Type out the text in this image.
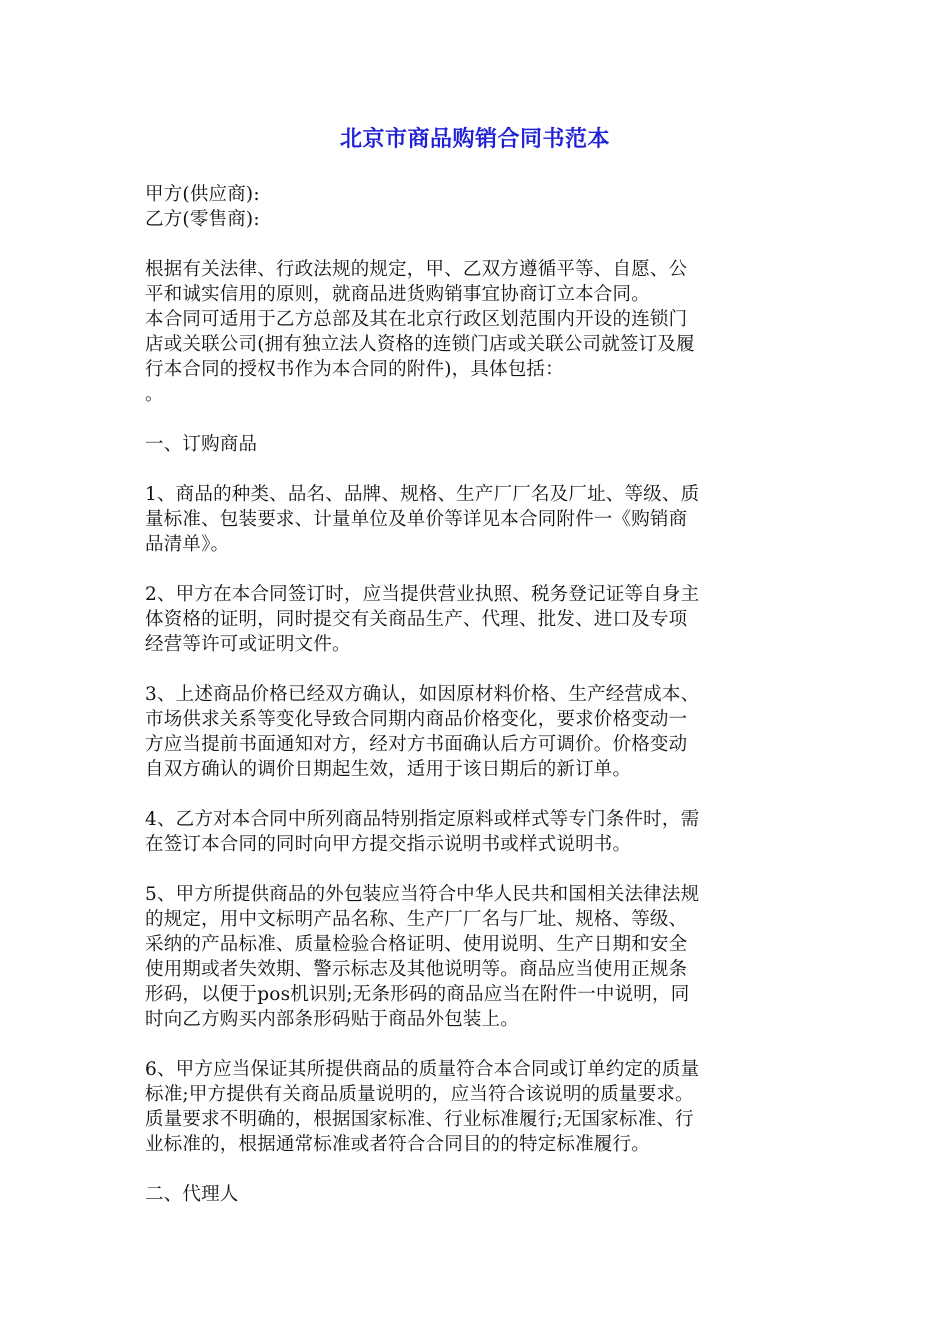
北京市商品购销合同书范本
甲方(供应商):
乙方(零售商):
根据有关法律、行政法规的规定，甲、乙双方遵循平等、自愿、公
平和诚实信用的原则，就商品进货购销事宜协商订立本合同。
本合同可适用于乙方总部及其在北京行政区划范围内开设的连锁门
店或关联公司(拥有独立法人资格的连锁门店或关联公司就签订及履
行本合同的授权书作为本合同的附件)，具体包括：
。
一、订购商品
1、商品的种类、品名、品牌、规格、生产厂厂名及厂址、等级、质
量标准、包装要求、计量单位及单价等详见本合同附件一《购销商
品清单》。
2、甲方在本合同签订时，应当提供营业执照、税务登记证等自身主
体资格的证明，同时提交有关商品生产、代理、批发、进口及专项
经营等许可或证明文件。
3、上述商品价格已经双方确认，如因原材料价格、生产经营成本、
市场供求关系等变化导致合同期内商品价格变化，要求价格变动一
方应当提前书面通知对方，经对方书面确认后方可调价。价格变动
自双方确认的调价日期起生效，适用于该日期后的新订单。
4、乙方对本合同中所列商品特别指定原料或样式等专门条件时，需
在签订本合同的同时向甲方提交指示说明书或样式说明书。
5、甲方所提供商品的外包装应当符合中华人民共和国相关法律法规
的规定，用中文标明产品名称、生产厂厂名与厂址、规格、等级、
采纳的产品标准、质量检验合格证明、使用说明、生产日期和安全
使用期或者失效期、警示标志及其他说明等。商品应当使用正规条
形码，以便于pos机识别;无条形码的商品应当在附件一中说明，同
时向乙方购买内部条形码贴于商品外包装上。
6、甲方应当保证其所提供商品的质量符合本合同或订单约定的质量
标准;甲方提供有关商品质量说明的，应当符合该说明的质量要求。
质量要求不明确的，根据国家标准、行业标准履行;无国家标准、行
业标准的，根据通常标准或者符合合同目的的特定标准履行。
二、代理人
